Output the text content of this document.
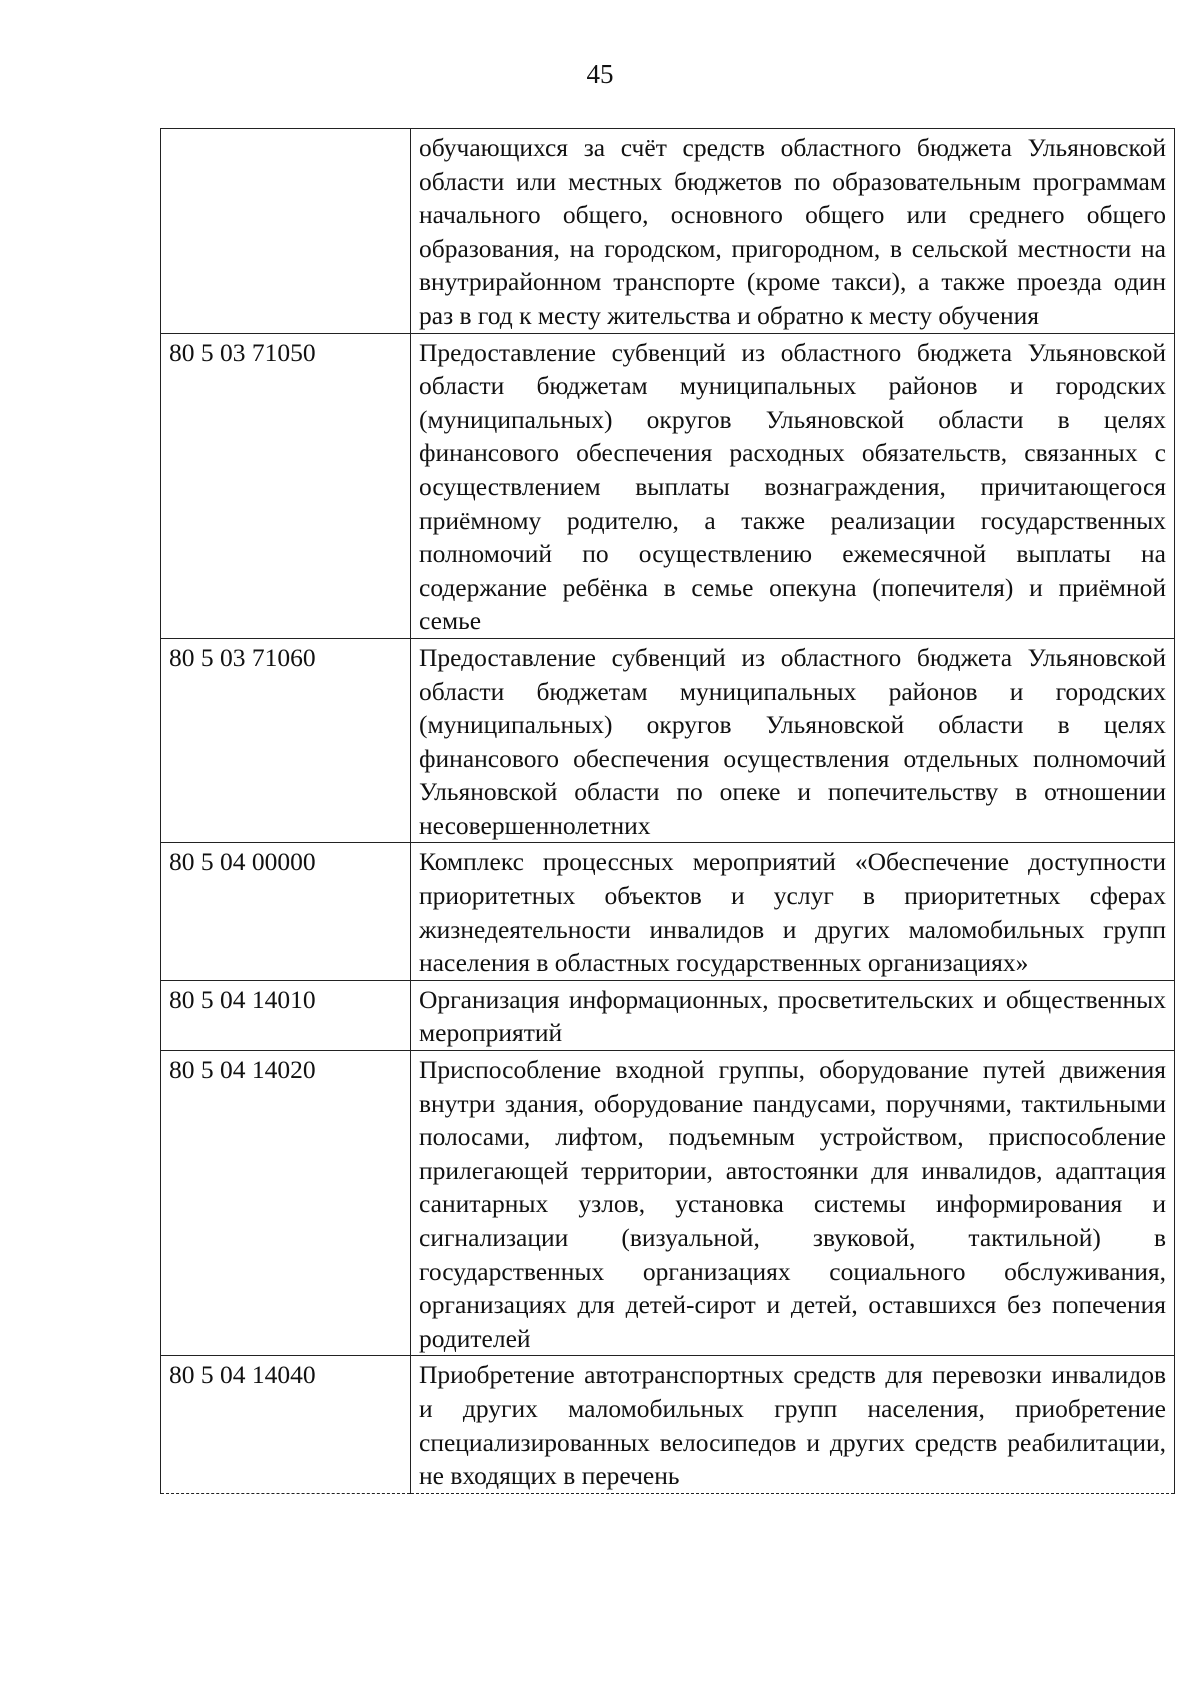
45
	обучающихся за счёт средств областного бюджета Ульяновской области или местных бюджетов по образовательным программам начального общего, основного общего или среднего общего образования, на городском, пригородном, в сельской местности на внутрирайонном транспорте (кроме такси), а также проезда один раз в год к месту жительства и обратно к месту обучения
80 5 03 71050	Предоставление субвенций из областного бюджета Ульяновской области бюджетам муниципальных районов и городских (муниципальных) округов Ульяновской области в целях финансового обеспечения расходных обязательств, связанных с осуществлением выплаты вознаграждения, причитающегося приёмному родителю, а также реализации государственных полномочий по осуществлению ежемесячной выплаты на содержание ребёнка в семье опекуна (попечителя) и приёмной семье
80 5 03 71060	Предоставление субвенций из областного бюджета Ульяновской области бюджетам муниципальных районов и городских (муниципальных) округов Ульяновской области в целях финансового обеспечения осуществления отдельных полномочий Ульяновской области по опеке и попечительству в отношении несовершеннолетних
80 5 04 00000	Комплекс процессных мероприятий «Обеспечение доступности приоритетных объектов и услуг в приоритетных сферах жизнедеятельности инвалидов и других маломобильных групп населения в областных государственных организациях»
80 5 04 14010	Организация информационных, просветительских и общественных мероприятий
80 5 04 14020	Приспособление входной группы, оборудование путей движения внутри здания, оборудование пандусами, поручнями, тактильными полосами, лифтом, подъемным устройством, приспособление прилегающей территории, автостоянки для инвалидов, адаптация санитарных узлов, установка системы информирования и сигнализации (визуальной, звуковой, тактильной) в государственных организациях социального обслуживания, организациях для детей-сирот и детей, оставшихся без попечения родителей
80 5 04 14040	Приобретение автотранспортных средств для перевозки инвалидов и других маломобильных групп населения, приобретение специализированных велосипедов и других средств реабилитации, не входящих в перечень
